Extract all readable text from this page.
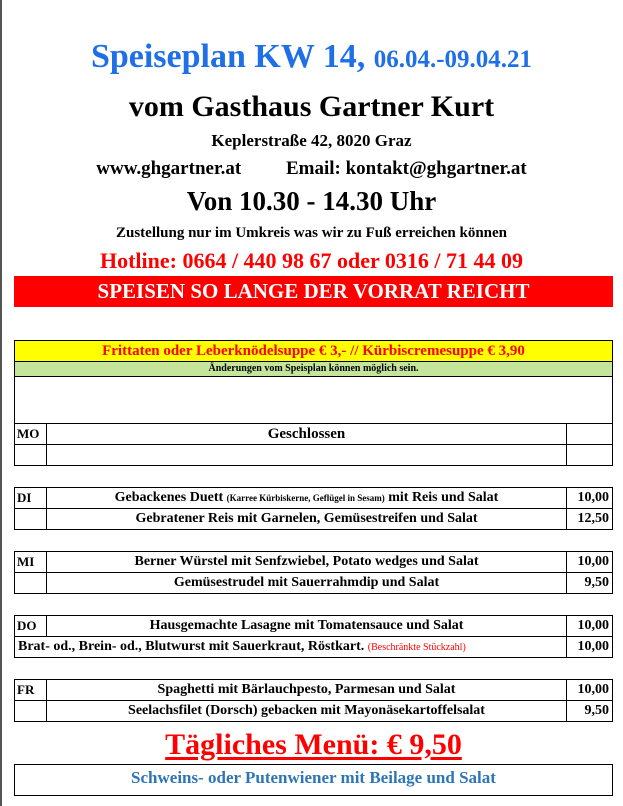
Speiseplan KW 14, 06.04.-09.04.21
vom Gasthaus Gartner Kurt
Keplerstraße 42, 8020 Graz
www.ghgartner.at Email: kontakt@ghgartner.at
Von 10.30 - 14.30 Uhr
Zustellung nur im Umkreis was wir zu Fuß erreichen können
Hotline: 0664 / 440 98 67 oder 0316 / 71 44 09
SPEISEN SO LANGE DER VORRAT REICHT
Frittaten oder Leberknödelsuppe € 3,- // Kürbiscremesuppe € 3,90
Änderungen vom Speisplan können möglich sein.
MO	Geschlossen
DI	Gebackenes Duett (Karree Kürbiskerne, Geflügel in Sesam) mit Reis und Salat	10,00
Gebratener Reis mit Garnelen, Gemüsestreifen und Salat	12,50
MI	Berner Würstel mit Senfzwiebel, Potato wedges und Salat	10,00
Gemüsestrudel mit Sauerrahmdip und Salat	9,50
DO	Hausgemachte Lasagne mit Tomatensauce und Salat	10,00
Brat- od., Brein- od., Blutwurst mit Sauerkraut, Röstkart. (Beschränkte Stückzahl)	10,00
FR	Spaghetti mit Bärlauchpesto, Parmesan und Salat	10,00
Seelachsfilet (Dorsch) gebacken mit Mayonäsekartoffelsalat	9,50
Tägliches Menü: € 9,50
Schweins- oder Putenwiener mit Beilage und Salat
